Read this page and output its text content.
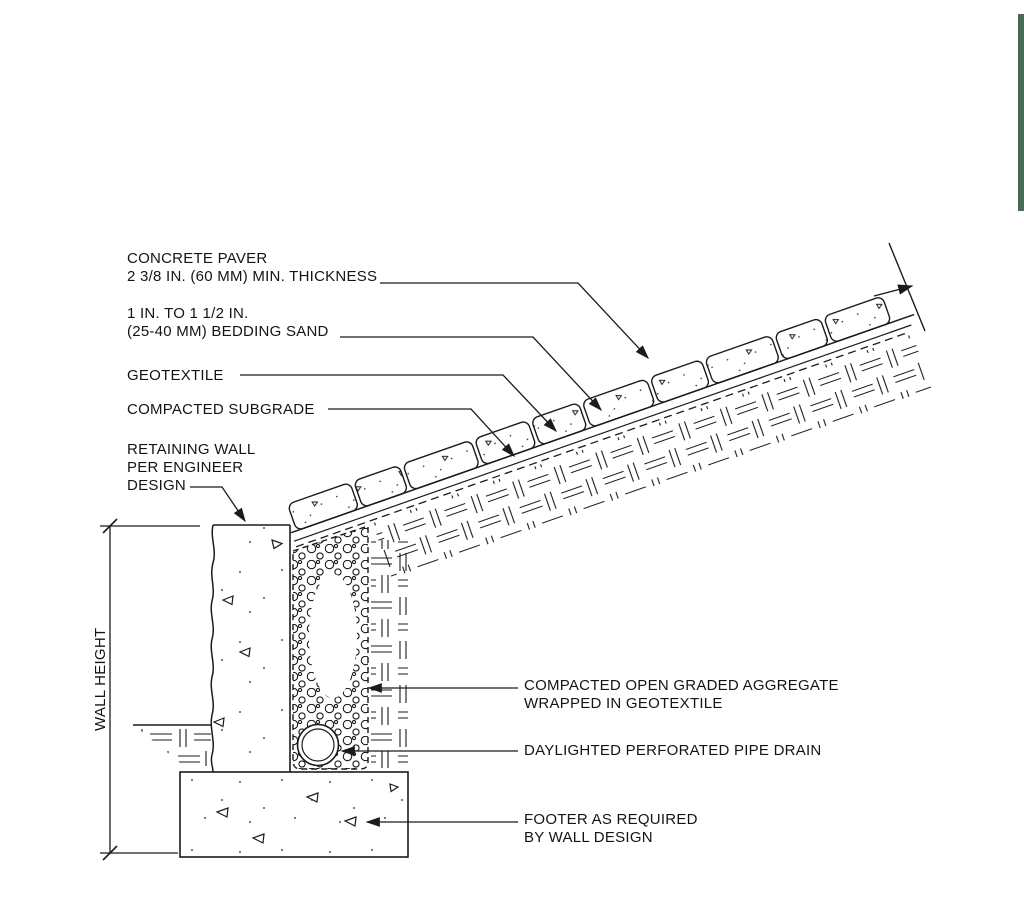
CONCRETE PAVER
2 3/8 IN. (60 MM) MIN. THICKNESS
1 IN. TO 1 1/2 IN.
(25-40 MM) BEDDING SAND
GEOTEXTILE
COMPACTED SUBGRADE
RETAINING WALL
PER ENGINEER
DESIGN
WALL HEIGHT	COMPACTED OPEN GRADED AGGREGATE
WRAPPED IN GEOTEXTILE
DAYLIGHTED PERFORATED PIPE DRAIN
FOOTER AS REQUIRED
BY WALL DESIGN
